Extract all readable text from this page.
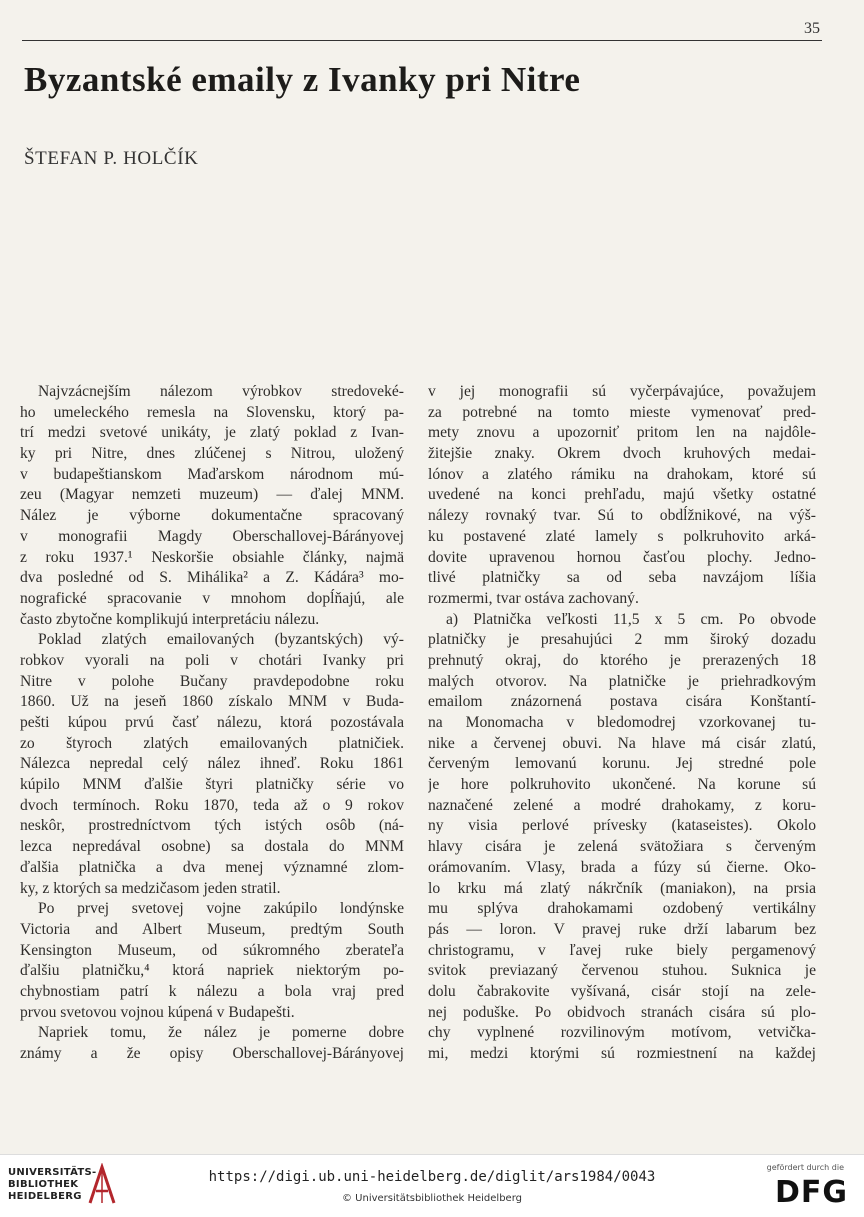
35
Byzantské emaily z Ivanky pri Nitre
ŠTEFAN P. HOLČÍK
Najvzácnejším nálezom výrobkov stredoveké-
ho umeleckého remesla na Slovensku, ktorý pa-
trí medzi svetové unikáty, je zlatý poklad z Ivan-
ky pri Nitre, dnes zlúčenej s Nitrou, uložený
v budapeštianskom Maďarskom národnom mú-
zeu (Magyar nemzeti muzeum) — ďalej MNM.
Nález je výborne dokumentačne spracovaný
v monografii Magdy Oberschallovej-Bárányovej
z roku 1937.¹ Neskoršie obsiahle články, najmä
dva posledné od S. Mihálika² a Z. Kádára³ mo-
nografické spracovanie v mnohom dopĺňajú, ale
často zbytočne komplikujú interpretáciu nálezu.
Poklad zlatých emailovaných (byzantských) vý-
robkov vyorali na poli v chotári Ivanky pri
Nitre v polohe Bučany pravdepodobne roku
1860. Už na jeseň 1860 získalo MNM v Buda-
pešti kúpou prvú časť nálezu, ktorá pozostávala
zo štyroch zlatých emailovaných platničiek.
Nálezca nepredal celý nález ihneď. Roku 1861
kúpilo MNM ďalšie štyri platničky série vo
dvoch termínoch. Roku 1870, teda až o 9 rokov
neskôr, prostredníctvom tých istých osôb (ná-
lezca nepredával osobne) sa dostala do MNM
ďalšia platnička a dva menej významné zlom-
ky, z ktorých sa medzičasom jeden stratil.
Po prvej svetovej vojne zakúpilo londýnske
Victoria and Albert Museum, predtým South
Kensington Museum, od súkromného zberateľa
ďalšiu platničku,⁴ ktorá napriek niektorým po-
chybnostiam patrí k nálezu a bola vraj pred
prvou svetovou vojnou kúpená v Budapešti.
Napriek tomu, že nález je pomerne dobre
známy a že opisy Oberschallovej-Bárányovej
v jej monografii sú vyčerpávajúce, považujem
za potrebné na tomto mieste vymenovať pred-
mety znovu a upozorniť pritom len na najdôle-
žitejšie znaky. Okrem dvoch kruhových medai-
lónov a zlatého rámiku na drahokam, ktoré sú
uvedené na konci prehľadu, majú všetky ostatné
nálezy rovnaký tvar. Sú to obdĺžnikové, na výš-
ku postavené zlaté lamely s polkruhovito arká-
dovite upravenou hornou časťou plochy. Jedno-
tlivé platničky sa od seba navzájom líšia
rozmermi, tvar ostáva zachovaný.
a) Platnička veľkosti 11,5 x 5 cm. Po obvode
platničky je presahujúci 2 mm široký dozadu
prehnutý okraj, do ktorého je prerazených 18
malých otvorov. Na platničke je priehradkovým
emailom znázornená postava cisára Konštantí-
na Monomacha v bledomodrej vzorkovanej tu-
nike a červenej obuvi. Na hlave má cisár zlatú,
červeným lemovanú korunu. Jej stredné pole
je hore polkruhovito ukončené. Na korune sú
naznačené zelené a modré drahokamy, z koru-
ny visia perlové prívesky (kataseistes). Okolo
hlavy cisára je zelená svätožiara s červeným
orámovaním. Vlasy, brada a fúzy sú čierne. Oko-
lo krku má zlatý nákrčník (maniakon), na prsia
mu splýva drahokamami ozdobený vertikálny
pás — loron. V pravej ruke drží labarum bez
christogramu, v ľavej ruke biely pergamenový
svitok previazaný červenou stuhou. Suknica je
dolu čabrakovite vyšívaná, cisár stojí na zele-
nej poduške. Po obidvoch stranách cisára sú plo-
chy vyplnené rozvilinovým motívom, vetvička-
mi, medzi ktorými sú rozmiestnení na každej
UNIVERSITÄTS-
BIBLIOTHEK
HEIDELBERG
https://digi.ub.uni-heidelberg.de/diglit/ars1984/0043
© Universitätsbibliothek Heidelberg
gefördert durch die
DFG
